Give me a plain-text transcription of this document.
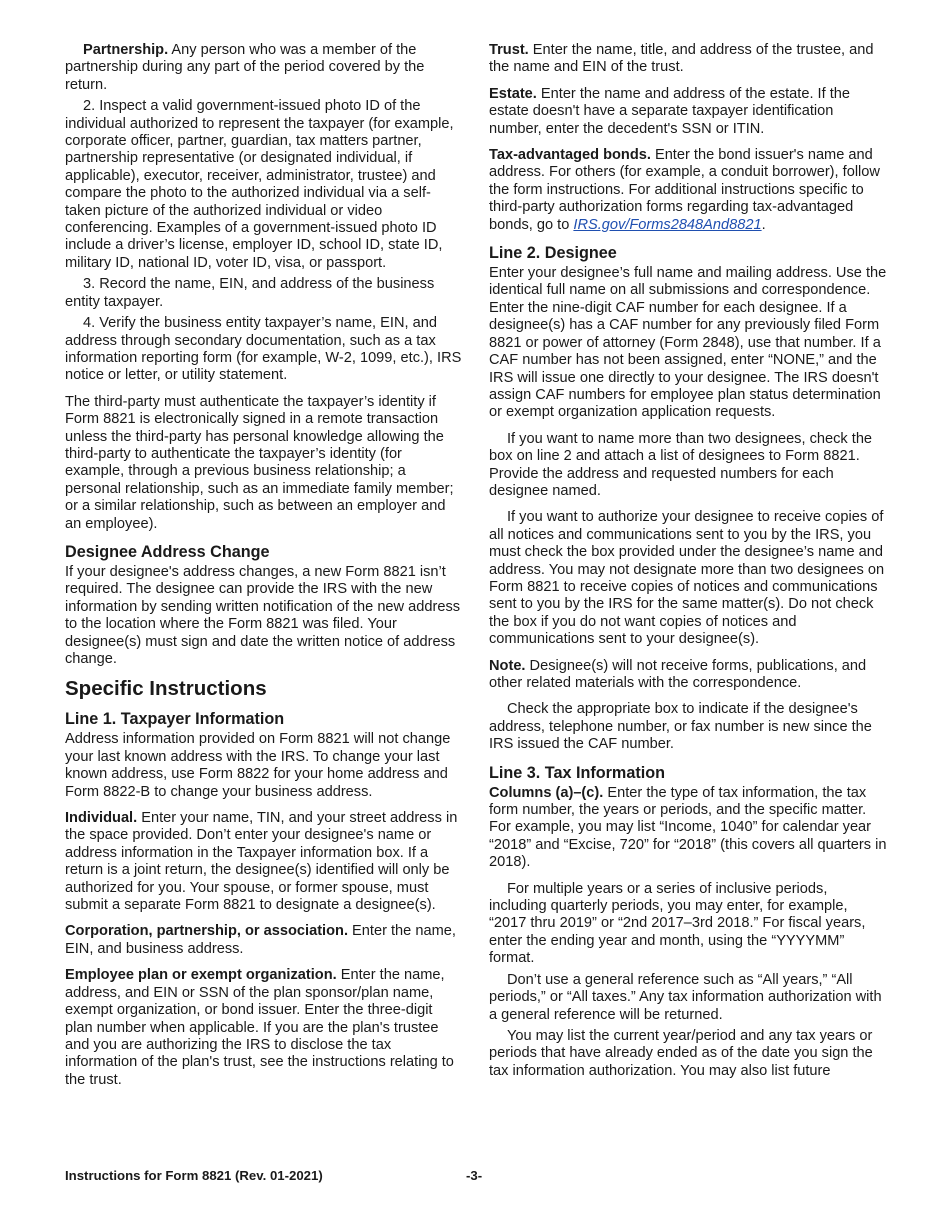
Partnership. Any person who was a member of the partnership during any part of the period covered by the return.

2. Inspect a valid government-issued photo ID of the individual authorized to represent the taxpayer (for example, corporate officer, partner, guardian, tax matters partner, partnership representative (or designated individual, if applicable), executor, receiver, administrator, trustee) and compare the photo to the authorized individual via a self-taken picture of the authorized individual or video conferencing. Examples of a government-issued photo ID include a driver’s license, employer ID, school ID, state ID, military ID, national ID, voter ID, visa, or passport.

3. Record the name, EIN, and address of the business entity taxpayer.

4. Verify the business entity taxpayer’s name, EIN, and address through secondary documentation, such as a tax information reporting form (for example, W-2, 1099, etc.), IRS notice or letter, or utility statement.

The third-party must authenticate the taxpayer’s identity if Form 8821 is electronically signed in a remote transaction unless the third-party has personal knowledge allowing the third-party to authenticate the taxpayer’s identity (for example, through a previous business relationship; a personal relationship, such as an immediate family member; or a similar relationship, such as between an employer and an employee).

Designee Address Change

If your designee's address changes, a new Form 8821 isn’t required. The designee can provide the IRS with the new information by sending written notification of the new address to the location where the Form 8821 was filed. Your designee(s) must sign and date the written notice of address change.

Specific Instructions
Line 1. Taxpayer Information

Address information provided on Form 8821 will not change your last known address with the IRS. To change your last known address, use Form 8822 for your home address and Form 8822-B to change your business address.

Individual. Enter your name, TIN, and your street address in the space provided. Don’t enter your designee's name or address information in the Taxpayer information box. If a return is a joint return, the designee(s) identified will only be authorized for you. Your spouse, or former spouse, must submit a separate Form 8821 to designate a designee(s).

Corporation, partnership, or association. Enter the name, EIN, and business address.

Employee plan or exempt organization. Enter the name, address, and EIN or SSN of the plan sponsor/plan name, exempt organization, or bond issuer. Enter the three-digit plan number when applicable. If you are the plan's trustee and you are authorizing the IRS to disclose the tax information of the plan's trust, see the instructions relating to the trust.

Trust. Enter the name, title, and address of the trustee, and the name and EIN of the trust.

Estate. Enter the name and address of the estate. If the estate doesn't have a separate taxpayer identification number, enter the decedent's SSN or ITIN.

Tax-advantaged bonds. Enter the bond issuer's name and address. For others (for example, a conduit borrower), follow the form instructions. For additional instructions specific to third-party authorization forms regarding tax-advantaged bonds, go to IRS.gov/Forms2848And8821.

Line 2. Designee

Enter your designee’s full name and mailing address. Use the identical full name on all submissions and correspondence. Enter the nine-digit CAF number for each designee. If a designee(s) has a CAF number for any previously filed Form 8821 or power of attorney (Form 2848), use that number. If a CAF number has not been assigned, enter “NONE,” and the IRS will issue one directly to your designee. The IRS doesn't assign CAF numbers for employee plan status determination or exempt organization application requests.

If you want to name more than two designees, check the box on line 2 and attach a list of designees to Form 8821. Provide the address and requested numbers for each designee named.

If you want to authorize your designee to receive copies of all notices and communications sent to you by the IRS, you must check the box provided under the designee’s name and address. You may not designate more than two designees on Form 8821 to receive copies of notices and communications sent to you by the IRS for the same matter(s). Do not check the box if you do not want copies of notices and communications sent to your designee(s).

Note. Designee(s) will not receive forms, publications, and other related materials with the correspondence.

Check the appropriate box to indicate if the designee's address, telephone number, or fax number is new since the IRS issued the CAF number.

Line 3. Tax Information

Columns (a)–(c). Enter the type of tax information, the tax form number, the years or periods, and the specific matter. For example, you may list “Income, 1040” for calendar year “2018” and “Excise, 720” for “2018” (this covers all quarters in 2018).

For multiple years or a series of inclusive periods, including quarterly periods, you may enter, for example, “2017 thru 2019” or “2nd 2017–3rd 2018.” For fiscal years, enter the ending year and month, using the “YYYYMM” format.

Don’t use a general reference such as “All years,” “All periods,” or “All taxes.” Any tax information authorization with a general reference will be returned.

You may list the current year/period and any tax years or periods that have already ended as of the date you sign the tax information authorization. You may also list future

Instructions for Form 8821 (Rev. 01-2021)	-3-
